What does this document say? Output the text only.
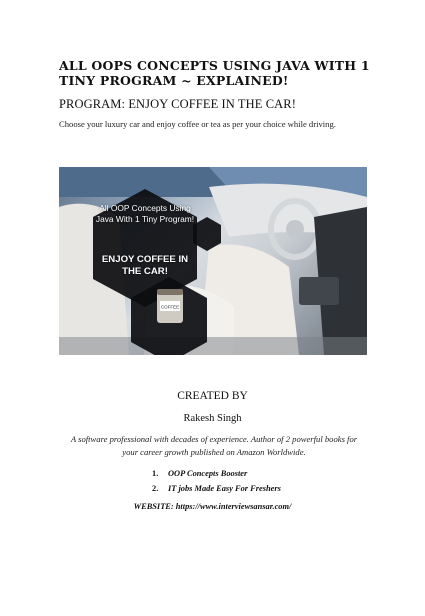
ALL OOPS CONCEPTS USING JAVA WITH 1 TINY PROGRAM ~ EXPLAINED!
PROGRAM: ENJOY COFFEE IN THE CAR!
Choose your luxury car and enjoy coffee or tea as per your choice while driving.
COFFEE
All OOP Concepts Using Java With 1 Tiny Program!
ENJOY COFFEE IN THE CAR!
CREATED BY
Rakesh Singh
A software professional with decades of experience. Author of 2 powerful books for your career growth published on Amazon Worldwide.
1. OOP Concepts Booster
2. IT jobs Made Easy For Freshers
WEBSITE: https://www.interviewsansar.com/
